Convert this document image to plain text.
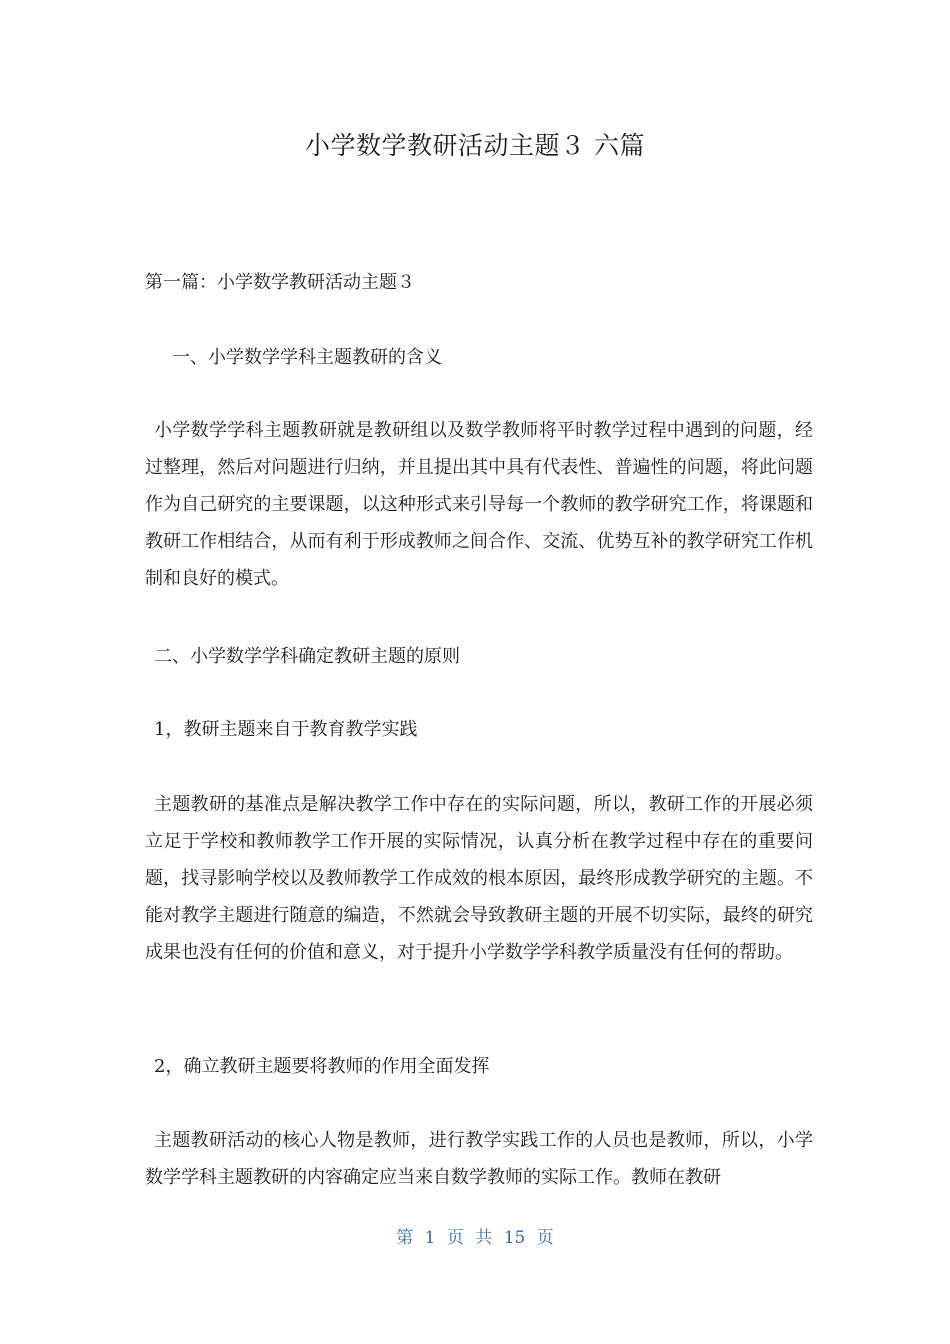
小学数学教研活动主题３ 六篇

第一篇：小学数学教研活动主题３

一、小学数学学科主题教研的含义

小学数学学科主题教研就是教研组以及数学教师将平时教学过程中遇到的问题，经过整理，然后对问题进行归纳，并且提出其中具有代表性、普遍性的问题，将此问题作为自己研究的主要课题，以这种形式来引导每一个教师的教学研究工作，将课题和教研工作相结合，从而有利于形成教师之间合作、交流、优势互补的教学研究工作机制和良好的模式。

二、小学数学学科确定教研主题的原则

1，教研主题来自于教育教学实践

主题教研的基准点是解决教学工作中存在的实际问题，所以，教研工作的开展必须立足于学校和教师教学工作开展的实际情况，认真分析在教学过程中存在的重要问题，找寻影响学校以及教师教学工作成效的根本原因，最终形成教学研究的主题。不能对教学主题进行随意的编造，不然就会导致教研主题的开展不切实际，最终的研究成果也没有任何的价值和意义，对于提升小学数学学科教学质量没有任何的帮助。

2，确立教研主题要将教师的作用全面发挥

主题教研活动的核心人物是教师，进行教学实践工作的人员也是教师，所以，小学数学学科主题教研的内容确定应当来自数学教师的实际工作。教师在教研

第 1 页 共 15 页
